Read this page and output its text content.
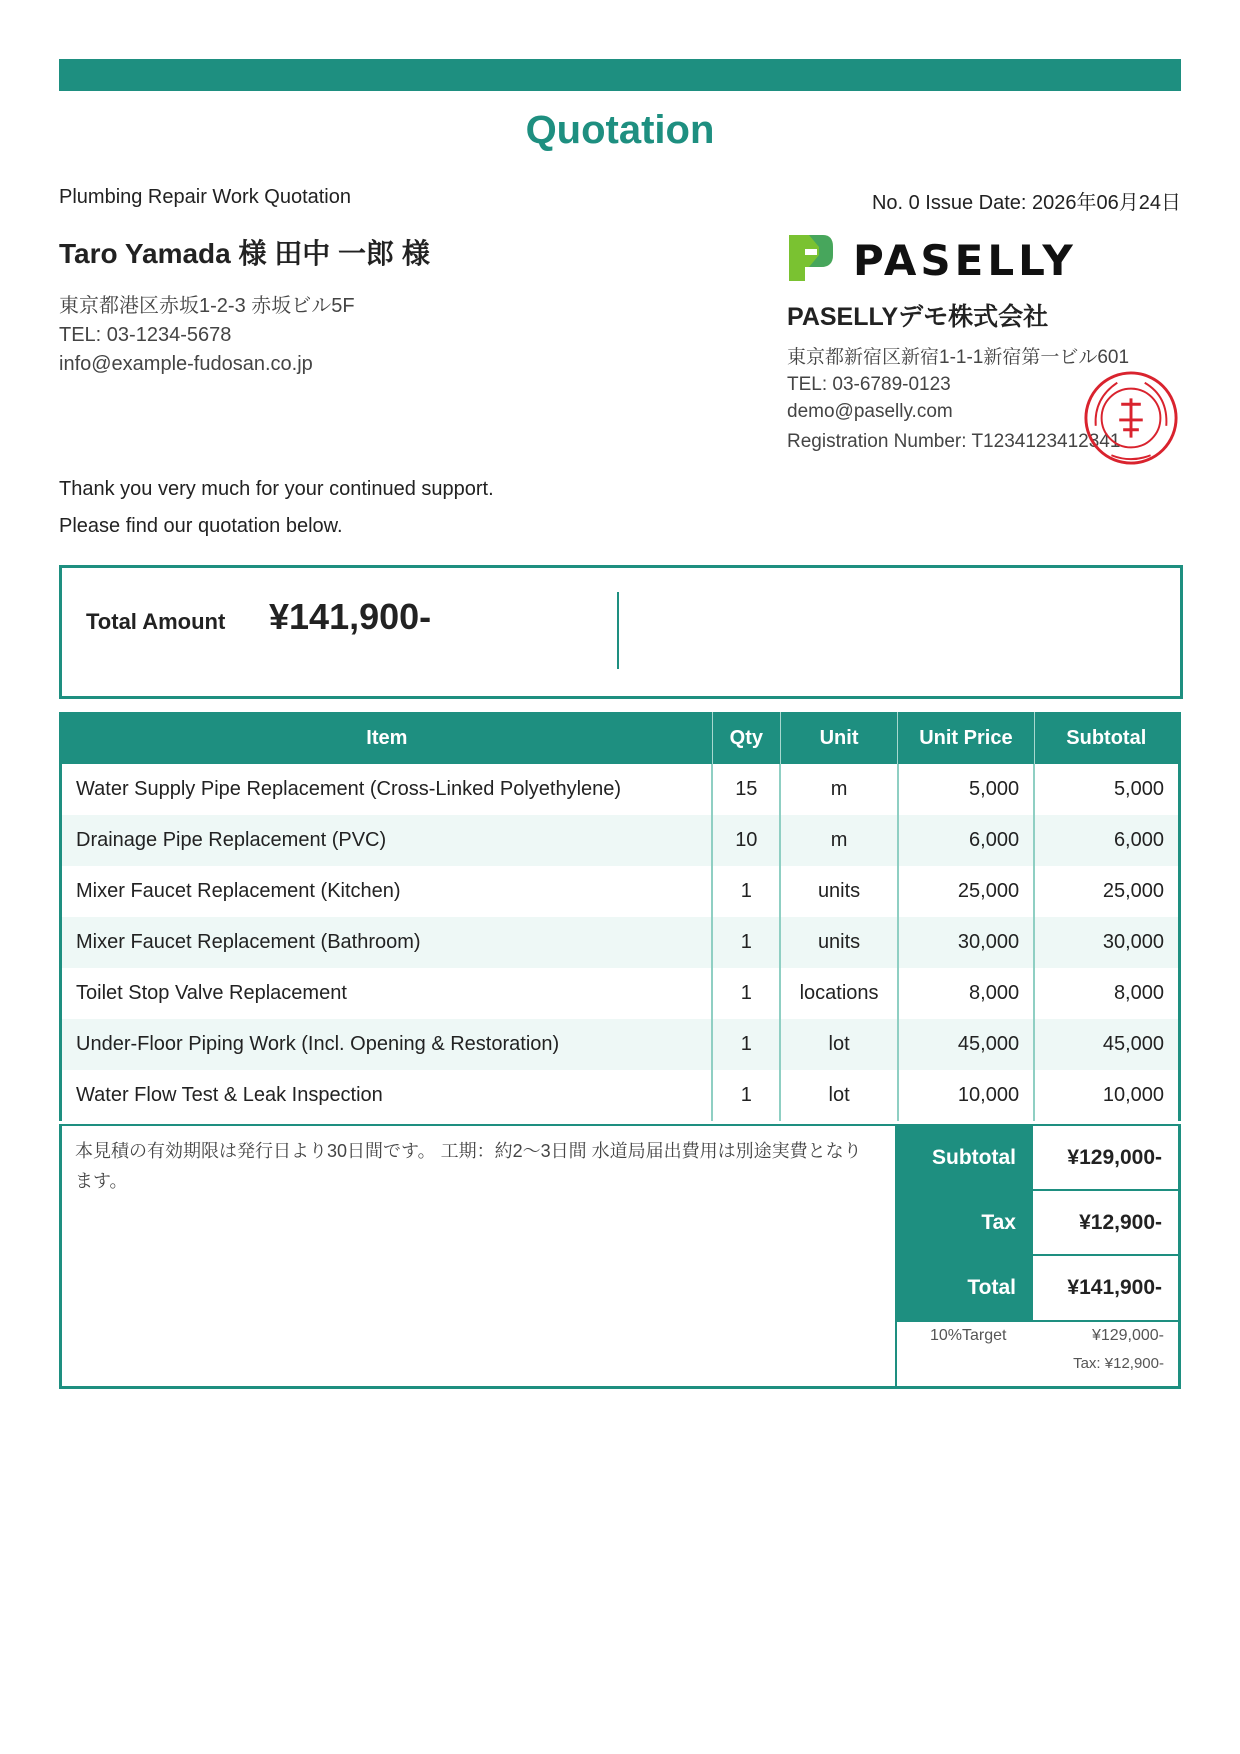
Quotation
Plumbing Repair Work Quotation	No. 0 Issue Date: 2026年06月24日
Taro Yamada 様 田中 一郎 様
東京都港区赤坂1-2-3 赤坂ビル5F
TEL: 03-1234-5678
info@example-fudosan.co.jp
PASELLY
PASELLYデモ株式会社
東京都新宿区新宿1-1-1新宿第一ビル601
TEL: 03-6789-0123
demo@paselly.com
Registration Number: T1234123412341
Thank you very much for your continued support.
Please find our quotation below.
Total Amount ¥141,900-
Item	Qty	Unit	Unit Price	Subtotal
Water Supply Pipe Replacement (Cross-Linked Polyethylene)	15	m	5,000	5,000
Drainage Pipe Replacement (PVC)	10	m	6,000	6,000
Mixer Faucet Replacement (Kitchen)	1	units	25,000	25,000
Mixer Faucet Replacement (Bathroom)	1	units	30,000	30,000
Toilet Stop Valve Replacement	1	locations	8,000	8,000
Under-Floor Piping Work (Incl. Opening & Restoration)	1	lot	45,000	45,000
Water Flow Test & Leak Inspection	1	lot	10,000	10,000
本見積の有効期限は発行日より30日間です。 工期：約2〜3日間 水道局届出費用は別途実費となります。
Subtotal	¥129,000-
Tax	¥12,900-
Total	¥141,900-
10%Target	¥129,000-
Tax: ¥12,900-
